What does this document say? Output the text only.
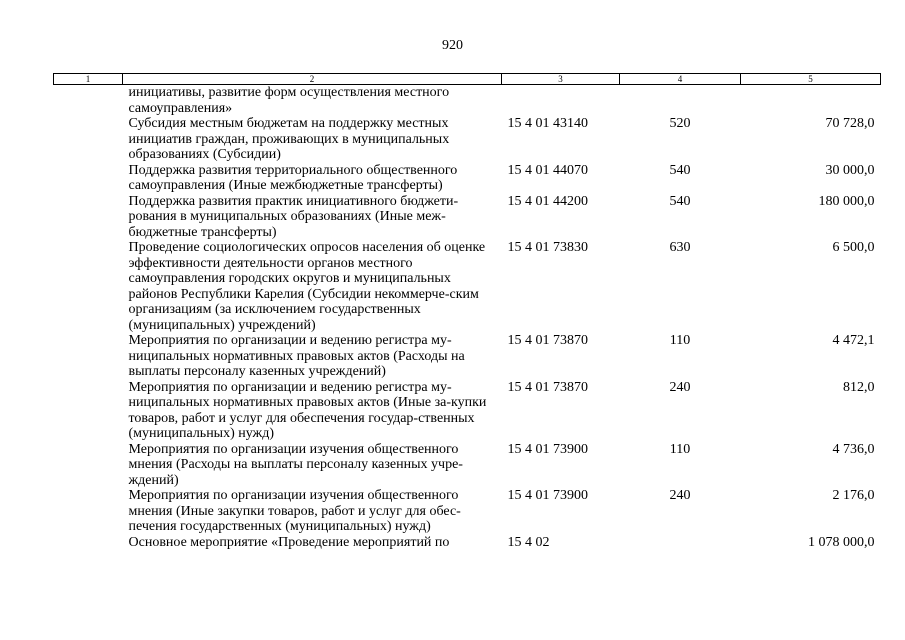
920
1	2	3	4	5
	инициативы, развитие форм осуществления местного самоуправления»			
	Субсидия местным бюджетам на поддержку местных инициатив граждан, проживающих в муниципальных образованиях (Субсидии)	15 4 01 43140	520	70 728,0
	Поддержка развития территориального общественного самоуправления (Иные межбюджетные трансферты)	15 4 01 44070	540	30 000,0
	Поддержка развития практик инициативного бюджети-рования в муниципальных образованиях (Иные меж-бюджетные трансферты)	15 4 01 44200	540	180 000,0
	Проведение социологических опросов населения об оценке эффективности деятельности органов местного самоуправления городских округов и муниципальных районов Республики Карелия (Субсидии некоммерче-ским организациям (за исключением государственных (муниципальных) учреждений)	15 4 01 73830	630	6 500,0
	Мероприятия по организации и ведению регистра му-ниципальных нормативных правовых актов (Расходы на выплаты персоналу казенных учреждений)	15 4 01 73870	110	4 472,1
	Мероприятия по организации и ведению регистра му-ниципальных нормативных правовых актов (Иные за-купки товаров, работ и услуг для обеспечения государ-ственных (муниципальных) нужд)	15 4 01 73870	240	812,0
	Мероприятия по организации изучения общественного мнения (Расходы на выплаты персоналу казенных учре-ждений)	15 4 01 73900	110	4 736,0
	Мероприятия по организации изучения общественного мнения (Иные закупки товаров, работ и услуг для обес-печения государственных (муниципальных) нужд)	15 4 01 73900	240	2 176,0
	Основное мероприятие «Проведение мероприятий по	15 4 02		1 078 000,0
